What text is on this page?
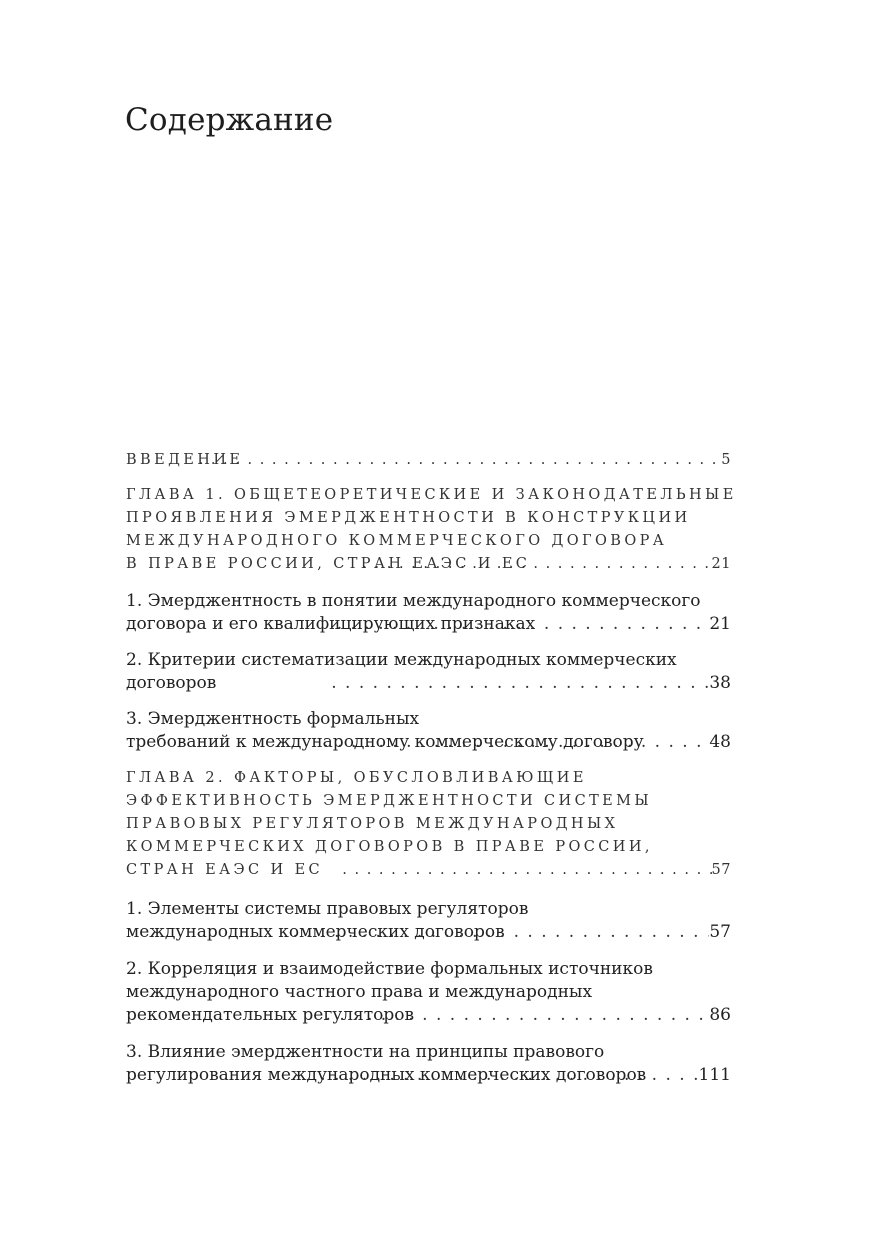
Содержание
ВВЕДЕНИЕ . . .	5
ГЛАВА 1. ОБЩЕТЕОРЕТИЧЕСКИЕ И ЗАКОНОДАТЕЛЬНЫЕ
ПРОЯВЛЕНИЯ ЭМЕРДЖЕНТНОСТИ В КОНСТРУКЦИИ
МЕЖДУНАРОДНОГО КОММЕРЧЕСКОГО ДОГОВОРА
В ПРАВЕ РОССИИ, СТРАН ЕАЭС И ЕС . . .	21
1. Эмерджентность в понятии международного коммерческого
договора и его квалифицирующих признаках . . .	21
2. Критерии систематизации международных коммерческих
договоров . . .	38
3. Эмерджентность формальных
требований к международному коммерческому договору . . .	48
ГЛАВА 2. ФАКТОРЫ, ОБУСЛОВЛИВАЮЩИЕ
ЭФФЕКТИВНОСТЬ ЭМЕРДЖЕНТНОСТИ СИСТЕМЫ
ПРАВОВЫХ РЕГУЛЯТОРОВ МЕЖДУНАРОДНЫХ
КОММЕРЧЕСКИХ ДОГОВОРОВ В ПРАВЕ РОССИИ,
СТРАН ЕАЭС И ЕС . . .	57
1. Элементы системы правовых регуляторов
международных коммерческих договоров . . .	57
2. Корреляция и взаимодействие формальных источников
международного частного права и международных
рекомендательных регуляторов . . .	86
3. Влияние эмерджентности на принципы правового
регулирования международных коммерческих договоров . . .	111
